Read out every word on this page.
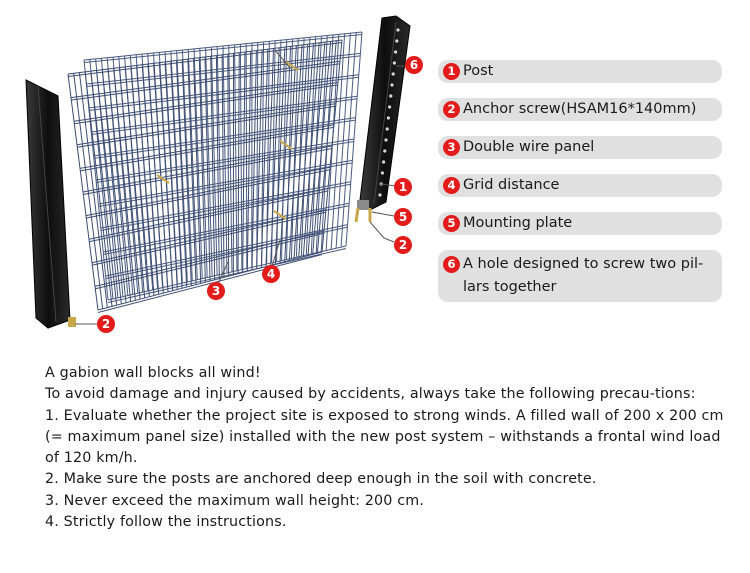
6
1
5
2
4
3
2
1 Post
2 Anchor screw(HSAM16*140mm)
3 Double wire panel
4 Grid distance
5 Mounting plate
6 A hole designed to screw two pil-lars together

A gabion wall blocks all wind!

To avoid damage and injury caused by accidents, always take the following precau-tions:

1. Evaluate whether the project site is exposed to strong winds. A filled wall of 200 x 200 cm (= maximum panel size) installed with the new post system – withstands a frontal wind load of 120 km/h.

2. Make sure the posts are anchored deep enough in the soil with concrete.

3. Never exceed the maximum wall height: 200 cm.

4. Strictly follow the instructions.
